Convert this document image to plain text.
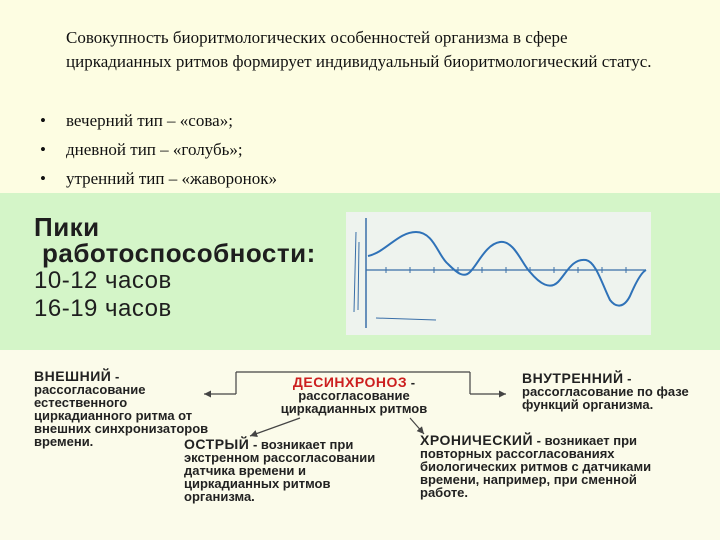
Совокупность биоритмологических особенностей организма в сфере циркадианных ритмов формирует индивидуальный биоритмологический статус.

• вечерний тип – «сова»;
• дневной тип – «голубь»;
• утренний тип – «жаворонок»
Пики
работоспособности:
10-12 часов
16-19 часов
ДЕСИНХРОНОЗ - рассогласование циркадианных ритмов
ВНЕШНИЙ - рассогласование естественного циркадианного ритма от внешних синхронизаторов времени.
ВНУТРЕННИЙ - рассогласование по фазе функций организма.
ОСТРЫЙ - возникает при экстренном рассогласовании датчика времени и циркадианных ритмов организма.
ХРОНИЧЕСКИЙ - возникает при повторных рассогласованиях биологических ритмов с датчиками времени, например, при сменной работе.
